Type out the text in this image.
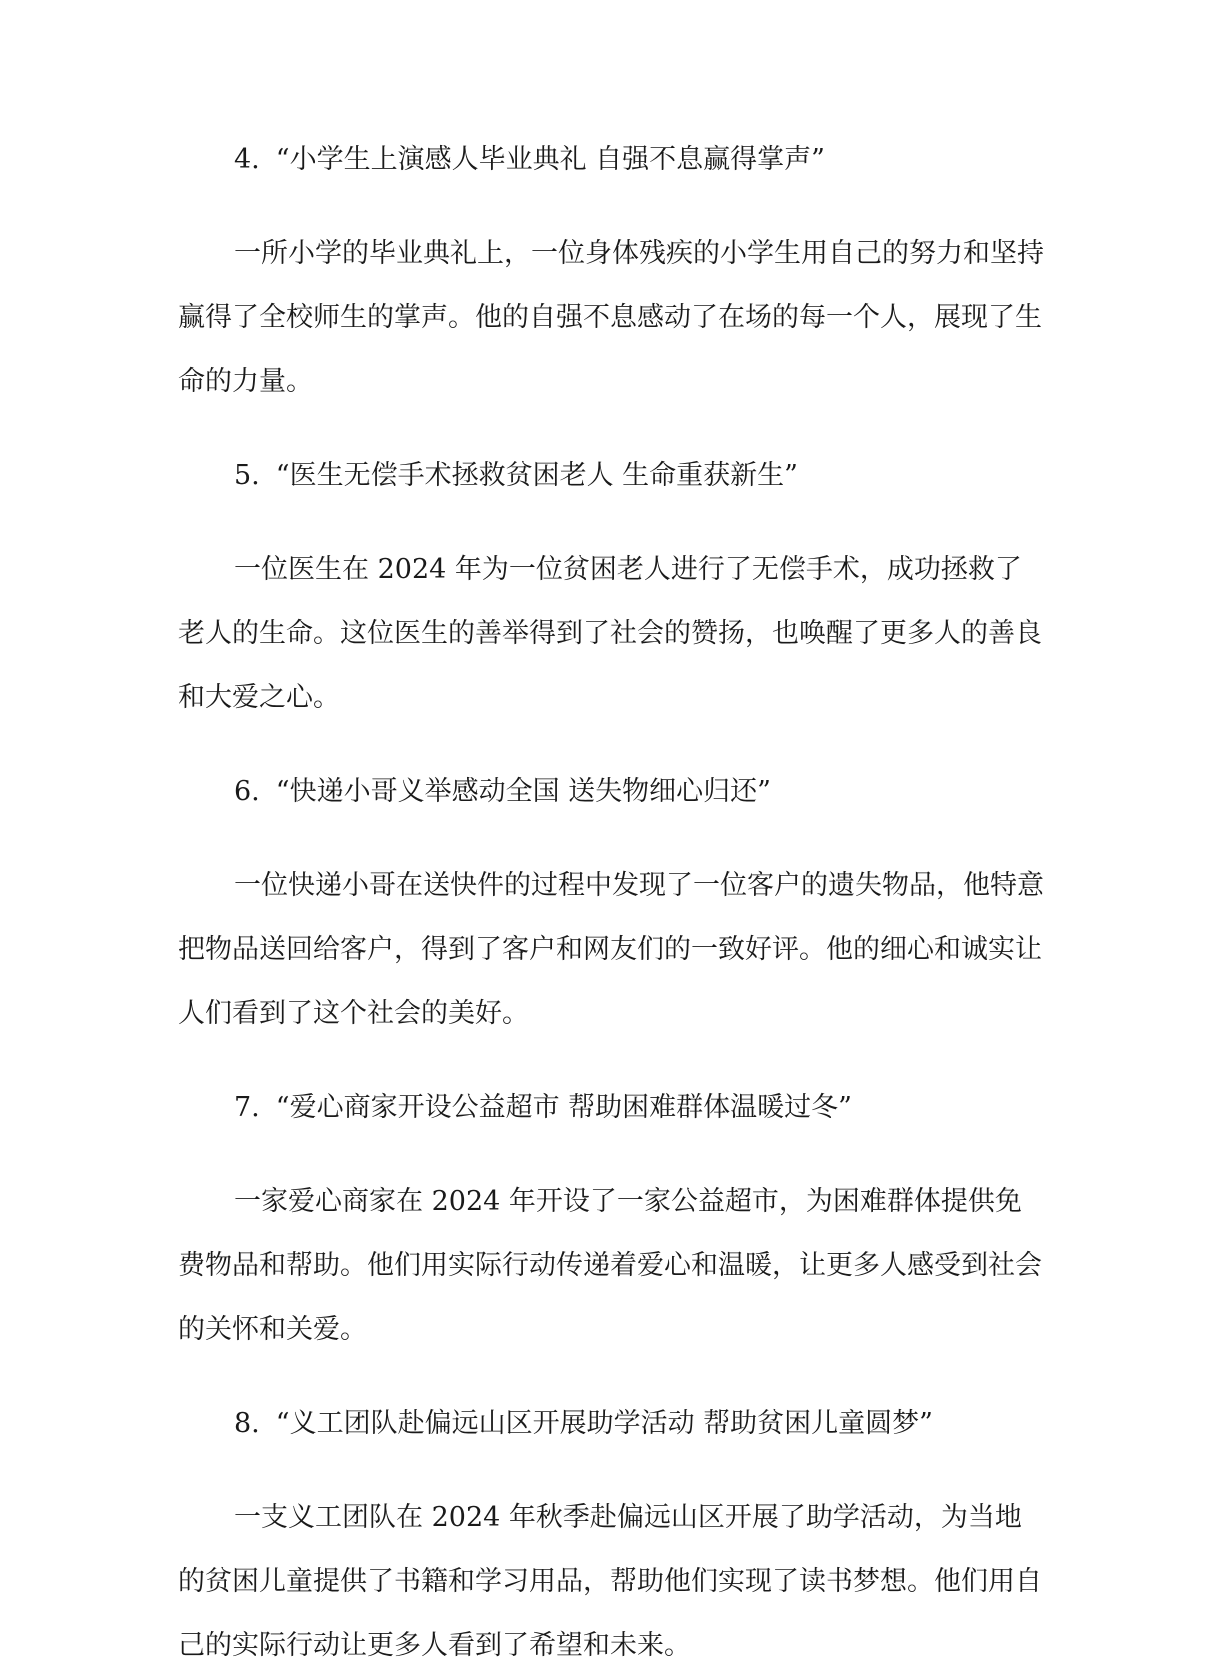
4. “小学生上演感人毕业典礼 自强不息赢得掌声”

一所小学的毕业典礼上，一位身体残疾的小学生用自己的努力和坚持赢得了全校师生的掌声。他的自强不息感动了在场的每一个人，展现了生命的力量。

5. “医生无偿手术拯救贫困老人 生命重获新生”

一位医生在 2024 年为一位贫困老人进行了无偿手术，成功拯救了老人的生命。这位医生的善举得到了社会的赞扬，也唤醒了更多人的善良和大爱之心。

6. “快递小哥义举感动全国 送失物细心归还”

一位快递小哥在送快件的过程中发现了一位客户的遗失物品，他特意把物品送回给客户，得到了客户和网友们的一致好评。他的细心和诚实让人们看到了这个社会的美好。

7. “爱心商家开设公益超市 帮助困难群体温暖过冬”

一家爱心商家在 2024 年开设了一家公益超市，为困难群体提供免费物品和帮助。他们用实际行动传递着爱心和温暖，让更多人感受到社会的关怀和关爱。

8. “义工团队赴偏远山区开展助学活动 帮助贫困儿童圆梦”

一支义工团队在 2024 年秋季赴偏远山区开展了助学活动，为当地的贫困儿童提供了书籍和学习用品，帮助他们实现了读书梦想。他们用自己的实际行动让更多人看到了希望和未来。
